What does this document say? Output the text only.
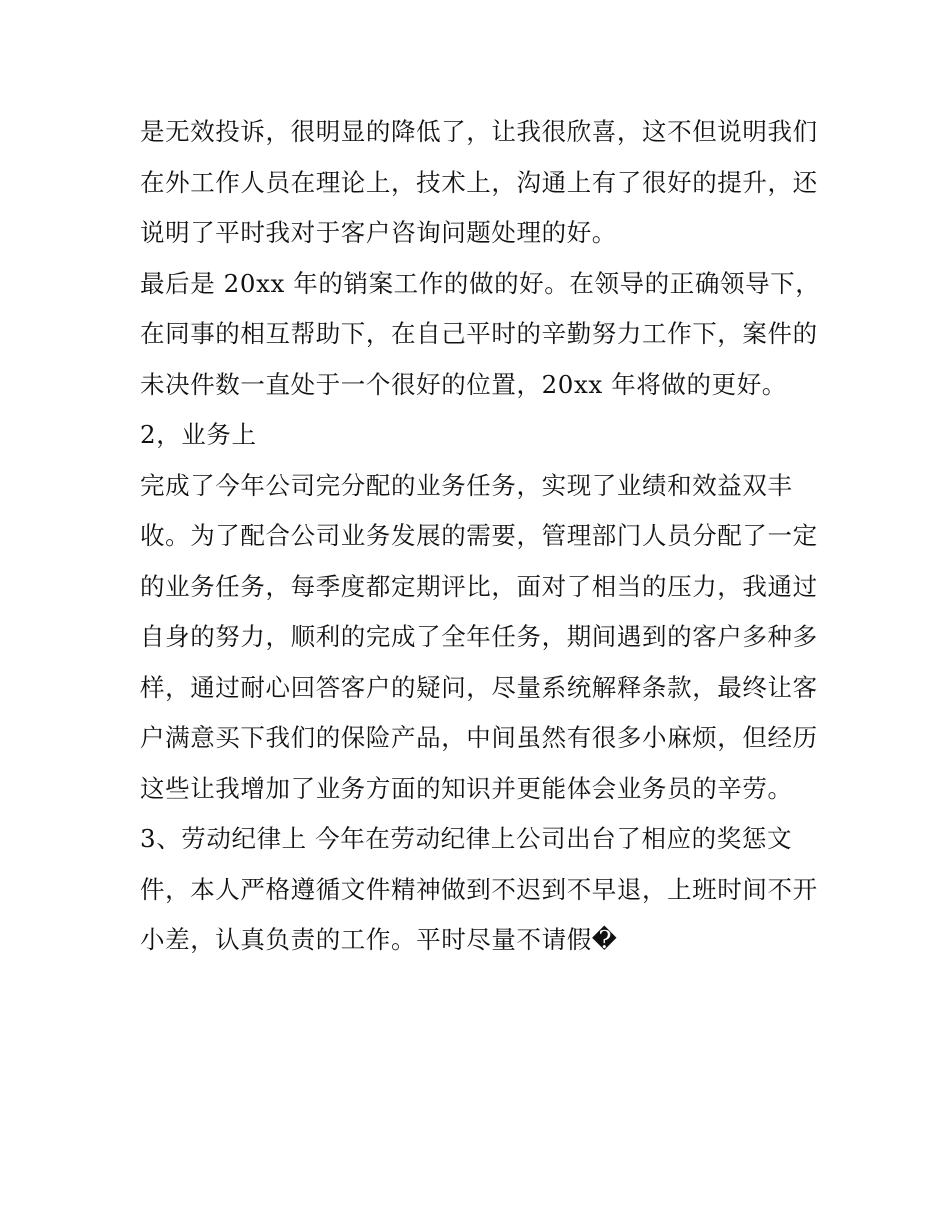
是无效投诉，很明显的降低了，让我很欣喜，这不但说明我们
在外工作人员在理论上，技术上，沟通上有了很好的提升，还
说明了平时我对于客户咨询问题处理的好。
最后是 20xx 年的销案工作的做的好。在领导的正确领导下，
在同事的相互帮助下，在自己平时的辛勤努力工作下，案件的
未决件数一直处于一个很好的位置，20xx 年将做的更好。
2，业务上
完成了今年公司完分配的业务任务，实现了业绩和效益双丰
收。为了配合公司业务发展的需要，管理部门人员分配了一定
的业务任务，每季度都定期评比，面对了相当的压力，我通过
自身的努力，顺利的完成了全年任务，期间遇到的客户多种多
样，通过耐心回答客户的疑问，尽量系统解释条款，最终让客
户满意买下我们的保险产品，中间虽然有很多小麻烦，但经历
这些让我增加了业务方面的知识并更能体会业务员的辛劳。
3、劳动纪律上 今年在劳动纪律上公司出台了相应的奖惩文
件，本人严格遵循文件精神做到不迟到不早退，上班时间不开
小差，认真负责的工作。平时尽量不请假�
